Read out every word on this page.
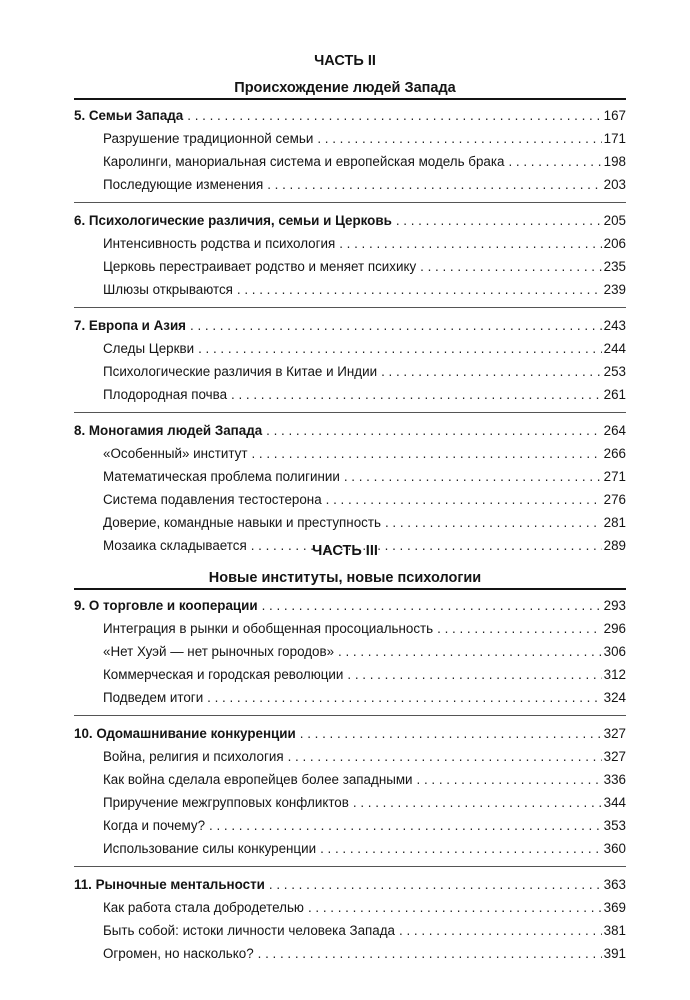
ЧАСТЬ II
Происхождение людей Запада
5. Семьи Запада . . .	167
Разрушение традиционной семьи . . .	171
Каролинги, манориальная система и европейская модель брака . . .	198
Последующие изменения . . .	203
6. Психологические различия, семьи и Церковь . . .	205
Интенсивность родства и психология . . .	206
Церковь перестраивает родство и меняет психику . . .	235
Шлюзы открываются . . .	239
7. Европа и Азия . . .	243
Следы Церкви . . .	244
Психологические различия в Китае и Индии . . .	253
Плодородная почва . . .	261
8. Моногамия людей Запада . . .	264
«Особенный» институт . . .	266
Математическая проблема полигинии . . .	271
Система подавления тестостерона . . .	276
Доверие, командные навыки и преступность . . .	281
Мозаика складывается . . .	289
ЧАСТЬ III
Новые институты, новые психологии
9. О торговле и кооперации . . .	293
Интеграция в рынки и обобщенная просоциальность . . .	296
«Нет Хуэй — нет рыночных городов» . . .	306
Коммерческая и городская революции . . .	312
Подведем итоги . . .	324
10. Одомашнивание конкуренции . . .	327
Война, религия и психология . . .	327
Как война сделала европейцев более западными . . .	336
Приручение межгрупповых конфликтов . . .	344
Когда и почему? . . .	353
Использование силы конкуренции . . .	360
11. Рыночные ментальности . . .	363
Как работа стала добродетелью . . .	369
Быть собой: истоки личности человека Запада . . .	381
Огромен, но насколько? . . .	391
